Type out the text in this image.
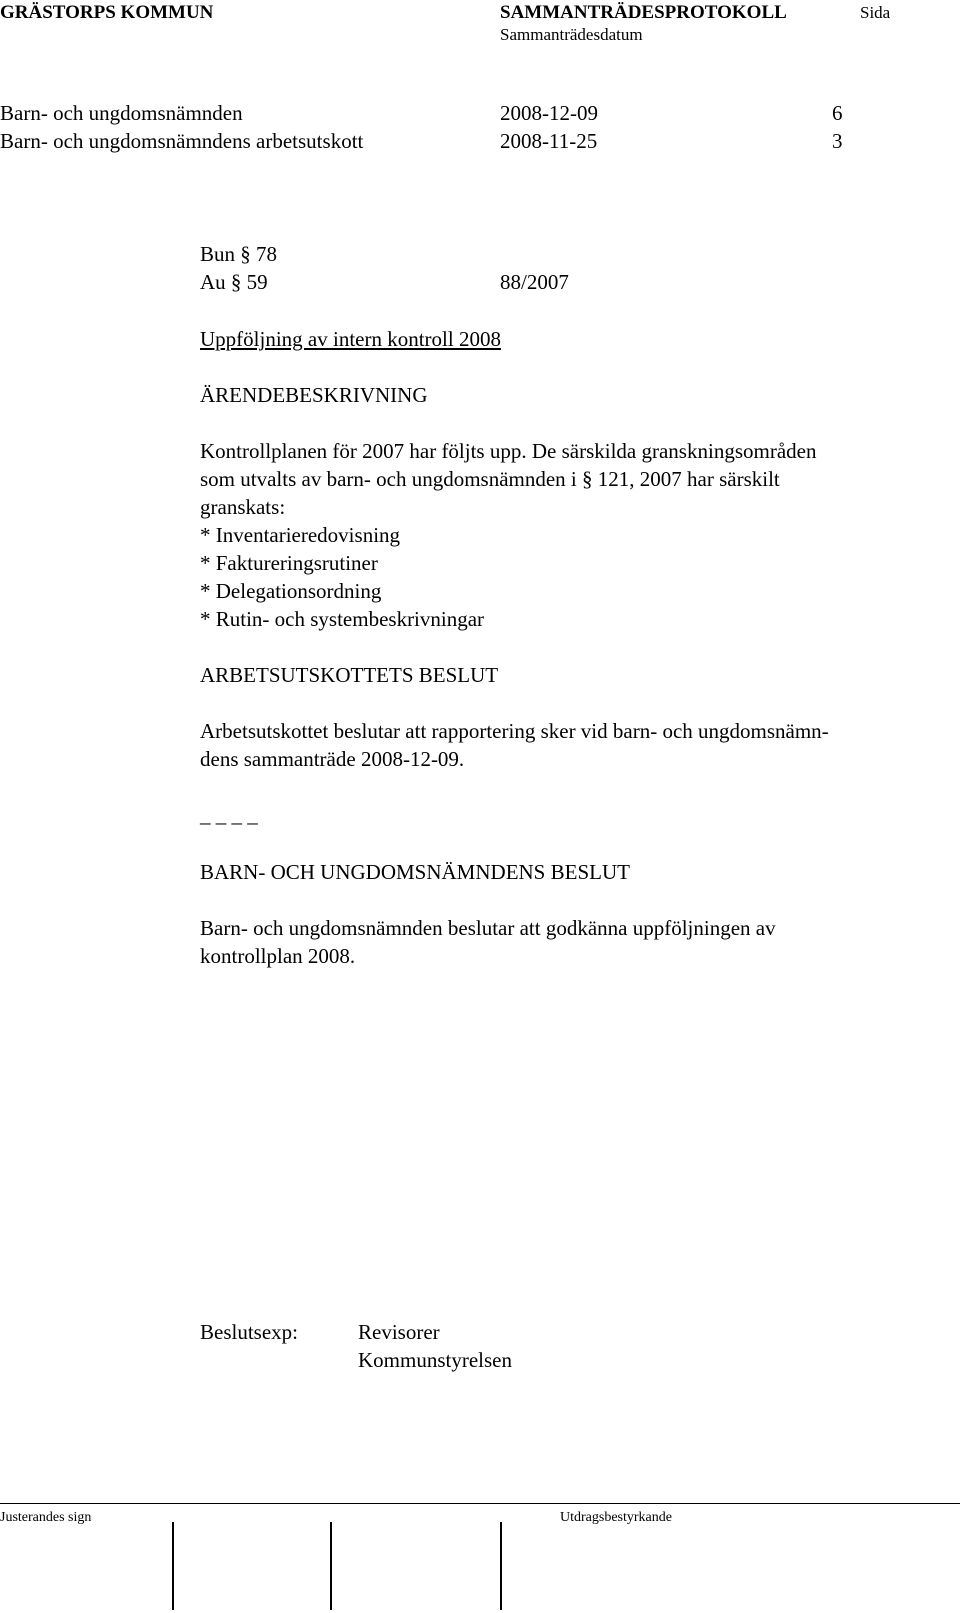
GRÄSTORPS KOMMUN	SAMMANTRÄDESPROTOKOLL	Sida
Sammanträdesdatum
Barn- och ungdomsnämnden	2008-12-09	6
Barn- och ungdomsnämndens arbetsutskott	2008-11-25	3
Bun § 78
Au § 59	88/2007
Uppföljning av intern kontroll 2008
ÄRENDEBESKRIVNING
Kontrollplanen för 2007 har följts upp. De särskilda granskningsområden
som utvalts av barn- och ungdomsnämnden i § 121, 2007 har särskilt
granskats:
* Inventarieredovisning
* Faktureringsrutiner
* Delegationsordning
* Rutin- och systembeskrivningar
ARBETSUTSKOTTETS BESLUT
Arbetsutskottet beslutar att rapportering sker vid barn- och ungdomsnämn-
dens sammanträde 2008-12-09.
_ _ _ _
BARN- OCH UNGDOMSNÄMNDENS BESLUT
Barn- och ungdomsnämnden beslutar att godkänna uppföljningen av
kontrollplan 2008.
Beslutsexp:	Revisorer
Kommunstyrelsen
Justerandes sign	Utdragsbestyrkande
